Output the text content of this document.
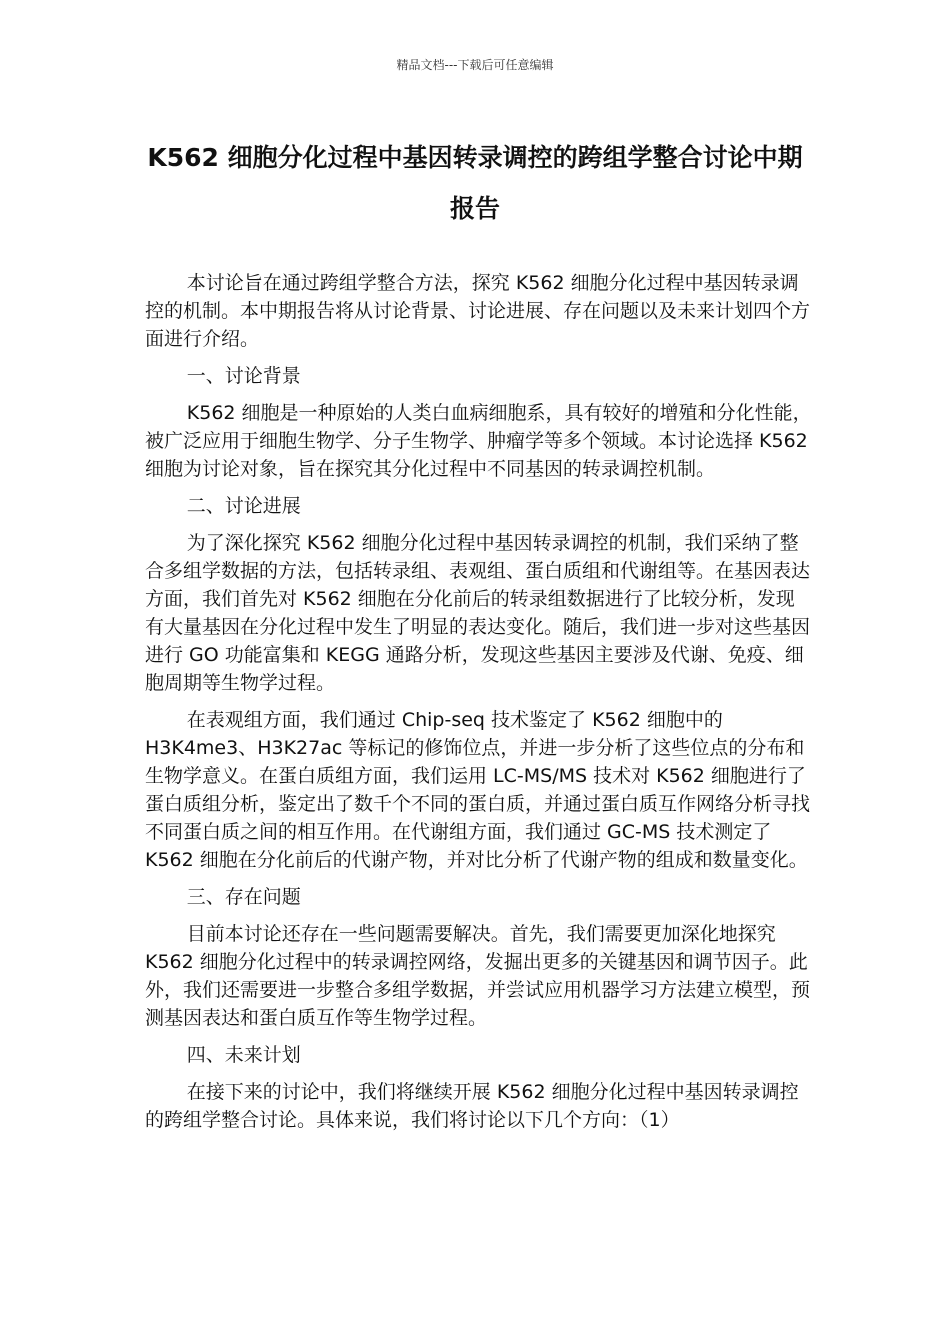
精品文档---下载后可任意编辑
K562 细胞分化过程中基因转录调控的跨组学整合讨论中期报告

本讨论旨在通过跨组学整合方法，探究 K562 细胞分化过程中基因转录调控的机制。本中期报告将从讨论背景、讨论进展、存在问题以及未来计划四个方面进行介绍。

一、讨论背景

K562 细胞是一种原始的人类白血病细胞系，具有较好的增殖和分化性能，被广泛应用于细胞生物学、分子生物学、肿瘤学等多个领域。本讨论选择 K562 细胞为讨论对象，旨在探究其分化过程中不同基因的转录调控机制。

二、讨论进展

为了深化探究 K562 细胞分化过程中基因转录调控的机制，我们采纳了整合多组学数据的方法，包括转录组、表观组、蛋白质组和代谢组等。在基因表达方面，我们首先对 K562 细胞在分化前后的转录组数据进行了比较分析，发现有大量基因在分化过程中发生了明显的表达变化。随后，我们进一步对这些基因进行 GO 功能富集和 KEGG 通路分析，发现这些基因主要涉及代谢、免疫、细胞周期等生物学过程。

在表观组方面，我们通过 Chip-seq 技术鉴定了 K562 细胞中的 H3K4me3、H3K27ac 等标记的修饰位点，并进一步分析了这些位点的分布和生物学意义。在蛋白质组方面，我们运用 LC-MS/MS 技术对 K562 细胞进行了蛋白质组分析，鉴定出了数千个不同的蛋白质，并通过蛋白质互作网络分析寻找不同蛋白质之间的相互作用。在代谢组方面，我们通过 GC-MS 技术测定了 K562 细胞在分化前后的代谢产物，并对比分析了代谢产物的组成和数量变化。

三、存在问题

目前本讨论还存在一些问题需要解决。首先，我们需要更加深化地探究 K562 细胞分化过程中的转录调控网络，发掘出更多的关键基因和调节因子。此外，我们还需要进一步整合多组学数据，并尝试应用机器学习方法建立模型，预测基因表达和蛋白质互作等生物学过程。

四、未来计划

在接下来的讨论中，我们将继续开展 K562 细胞分化过程中基因转录调控的跨组学整合讨论。具体来说，我们将讨论以下几个方向：（1）
